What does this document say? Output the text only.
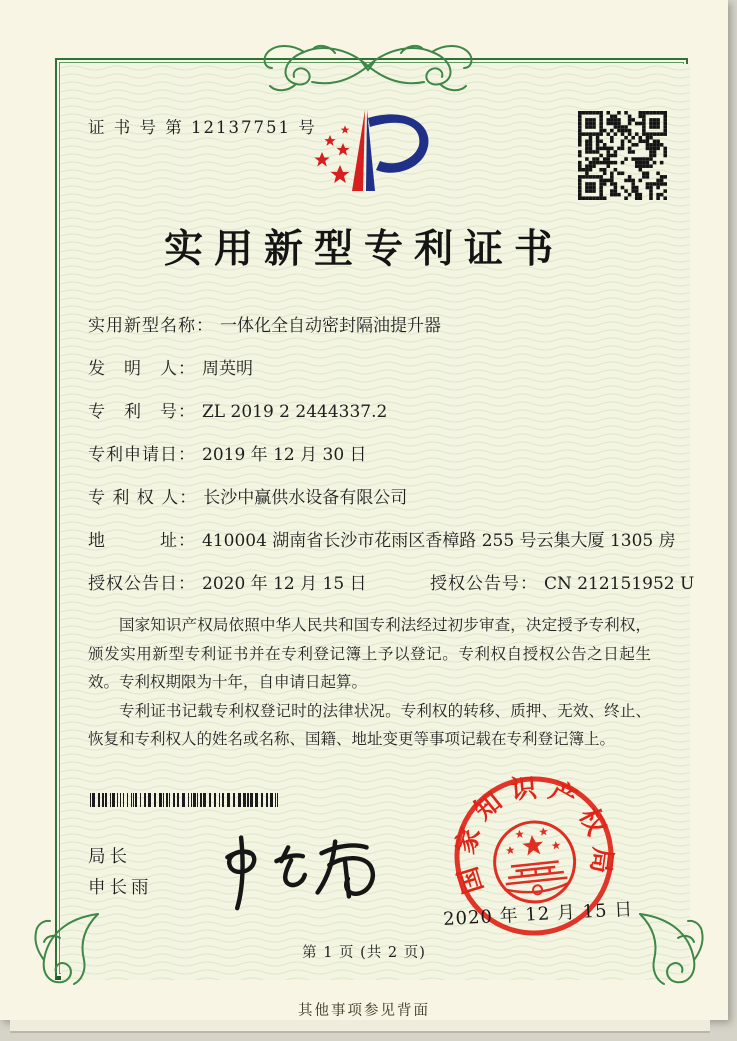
证 书 号 第 12137751 号
实用新型专利证书
实用新型名称： 一体化全自动密封隔油提升器
发　明　人： 周英明
专　利　号： ZL 2019 2 2444337.2
专利申请日： 2019 年 12 月 30 日
专 利 权 人： 长沙中赢供水设备有限公司
地　　　址： 410004 湖南省长沙市花雨区香樟路 255 号云集大厦 1305 房
授权公告日： 2020 年 12 月 15 日	授权公告号： CN 212151952 U

国家知识产权局依照中华人民共和国专利法经过初步审查，决定授予专利权，颁发实用新型专利证书并在专利登记簿上予以登记。专利权自授权公告之日起生效。专利权期限为十年，自申请日起算。

专利证书记载专利权登记时的法律状况。专利权的转移、质押、无效、终止、恢复和专利权人的姓名或名称、国籍、地址变更等事项记载在专利登记簿上。

局长
申长雨	国家知识产权局
2020 年 12 月 15 日
第 1 页 (共 2 页)
其他事项参见背面
